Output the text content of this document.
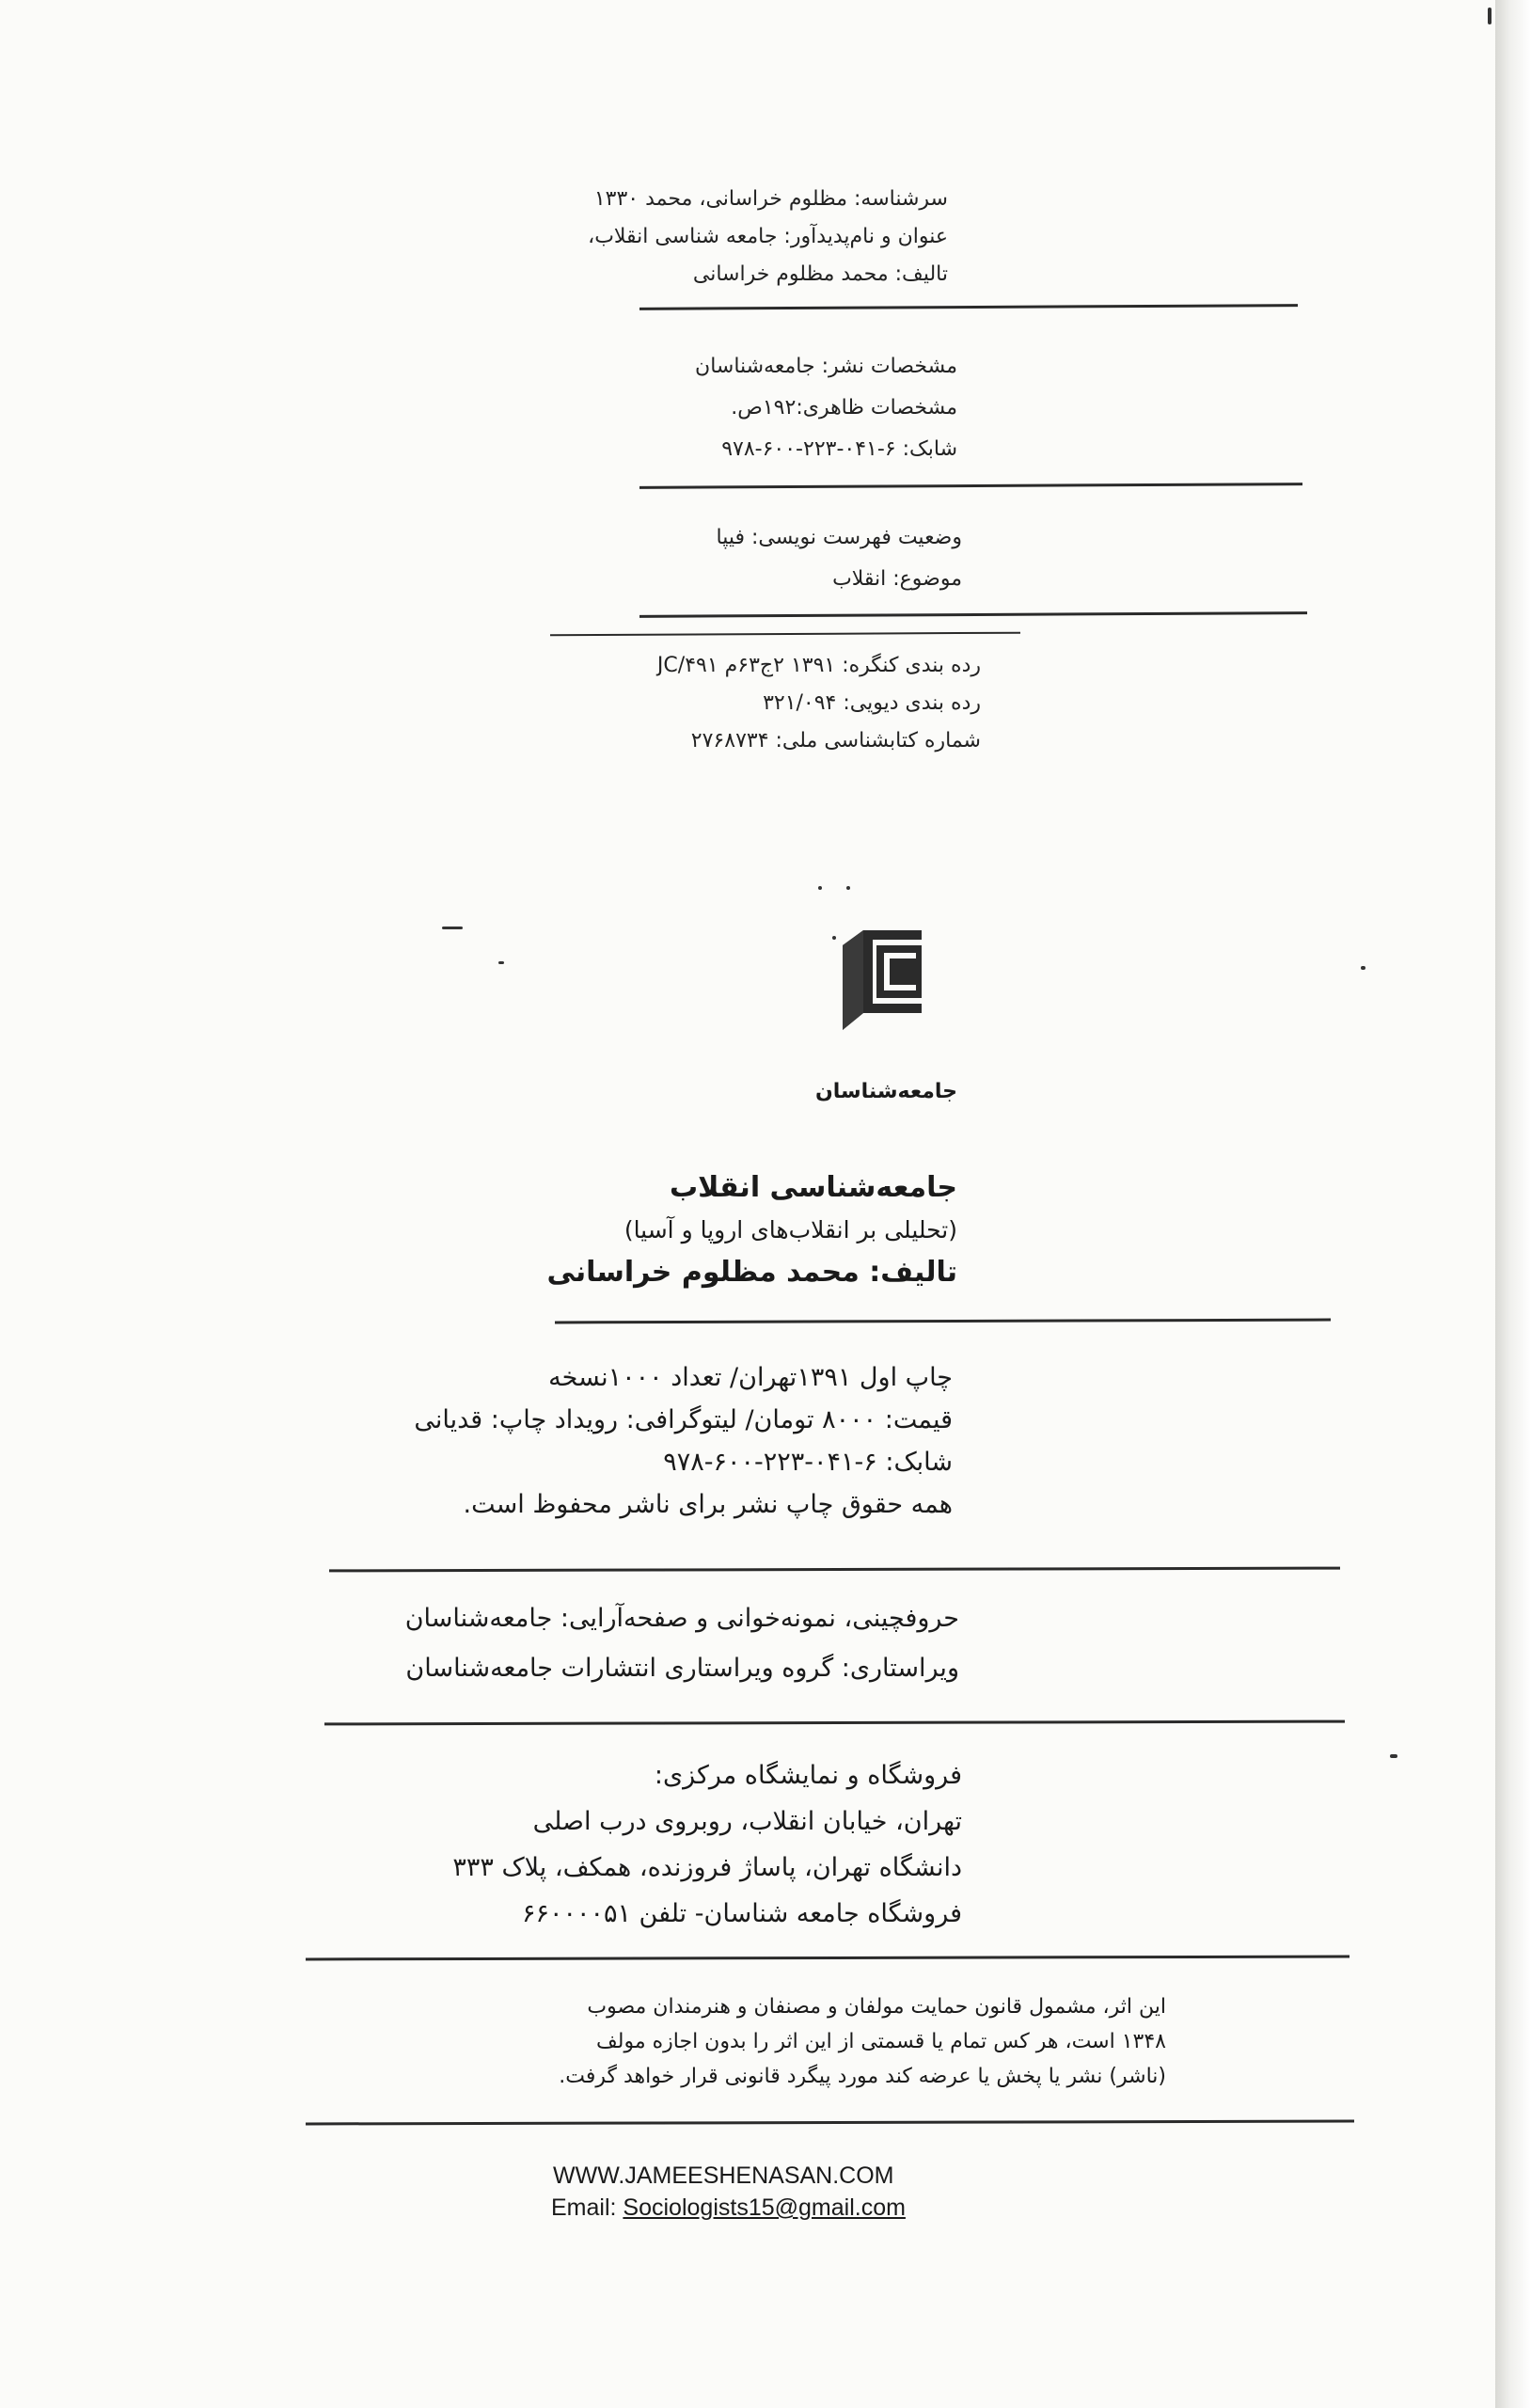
سرشناسه: مظلوم خراسانی، محمد ۱۳۳۰
عنوان و نام‌پدیدآور: جامعه شناسی انقلاب،
تالیف: محمد مظلوم خراسانی
مشخصات نشر: جامعه‌شناسان
مشخصات ظاهری:۱۹۲ص.
شابک: ۶-۰۴۱-۲۲۳-۶۰۰-۹۷۸
وضعیت فهرست نویسی: فیپا
موضوع: انقلاب
رده بندی کنگره: ۱۳۹۱ ۲ج۶۳م ۴۹۱/JC
رده بندی دیویی: ۳۲۱/۰۹۴
شماره کتابشناسی ملی: ۲۷۶۸۷۳۴
جامعه‌شناسان
جامعه‌شناسی انقلاب
(تحلیلی بر انقلاب‌های اروپا و آسیا)
تالیف: محمد مظلوم خراسانی
چاپ اول ۱۳۹۱تهران/ تعداد ۱۰۰۰نسخه
قیمت: ۸۰۰۰ تومان/ لیتوگرافی: رویداد چاپ: قدیانی
شابک: ۶-۰۴۱-۲۲۳-۶۰۰-۹۷۸
همه حقوق چاپ نشر برای ناشر محفوظ است.
حروفچینی، نمونه‌خوانی و صفحه‌آرایی: جامعه‌شناسان
ویراستاری: گروه ویراستاری انتشارات جامعه‌شناسان
فروشگاه و نمایشگاه مرکزی:
تهران، خیابان انقلاب، روبروی درب اصلی
دانشگاه تهران، پاساژ فروزنده، همکف، پلاک ۳۳۳
فروشگاه جامعه شناسان- تلفن ۶۶۰۰۰۰۵۱
این اثر، مشمول قانون حمایت مولفان و مصنفان و هنرمندان مصوب
۱۳۴۸ است، هر کس تمام یا قسمتی از این اثر را بدون اجازه مولف
(ناشر) نشر یا پخش یا عرضه کند مورد پیگرد قانونی قرار خواهد گرفت.
WWW.JAMEESHENASAN.COM
Email: Sociologists15@gmail.com
